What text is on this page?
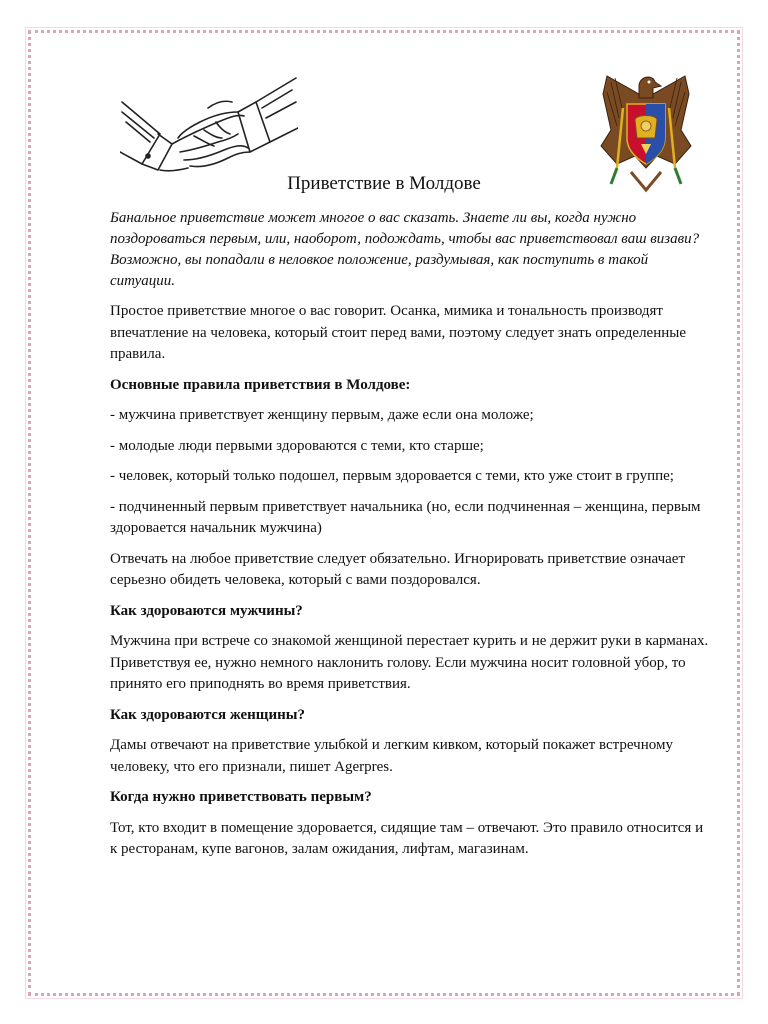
Приветствие в Молдове

Банальное приветствие может многое о вас сказать. Знаете ли вы, когда нужно поздороваться первым, или, наоборот, подождать, чтобы вас приветствовал ваш визави? Возможно, вы попадали в неловкое положение, раздумывая, как поступить в такой ситуации.

Простое приветствие многое о вас говорит. Осанка, мимика и тональность производят впечатление на человека, который стоит перед вами, поэтому следует знать определенные правила.

Основные правила приветствия в Молдове:

- мужчина приветствует женщину первым, даже если она моложе;

- молодые люди первыми здороваются с теми, кто старше;

- человек, который только подошел, первым здоровается с теми, кто уже стоит в группе;

- подчиненный первым приветствует начальника (но, если подчиненная – женщина, первым здоровается начальник мужчина)

Отвечать на любое приветствие следует обязательно. Игнорировать приветствие означает серьезно обидеть человека, который с вами поздоровался.

Как здороваются мужчины?

Мужчина при встрече со знакомой женщиной перестает курить и не держит руки в карманах. Приветствуя ее, нужно немного наклонить голову. Если мужчина носит головной убор, то принято его приподнять во время приветствия.

Как здороваются женщины?

Дамы отвечают на приветствие улыбкой и легким кивком, который покажет встречному человеку, что его признали, пишет Agerpres.

Когда нужно приветствовать первым?

Тот, кто входит в помещение здоровается, сидящие там – отвечают. Это правило относится и к ресторанам, купе вагонов, залам ожидания, лифтам, магазинам.
